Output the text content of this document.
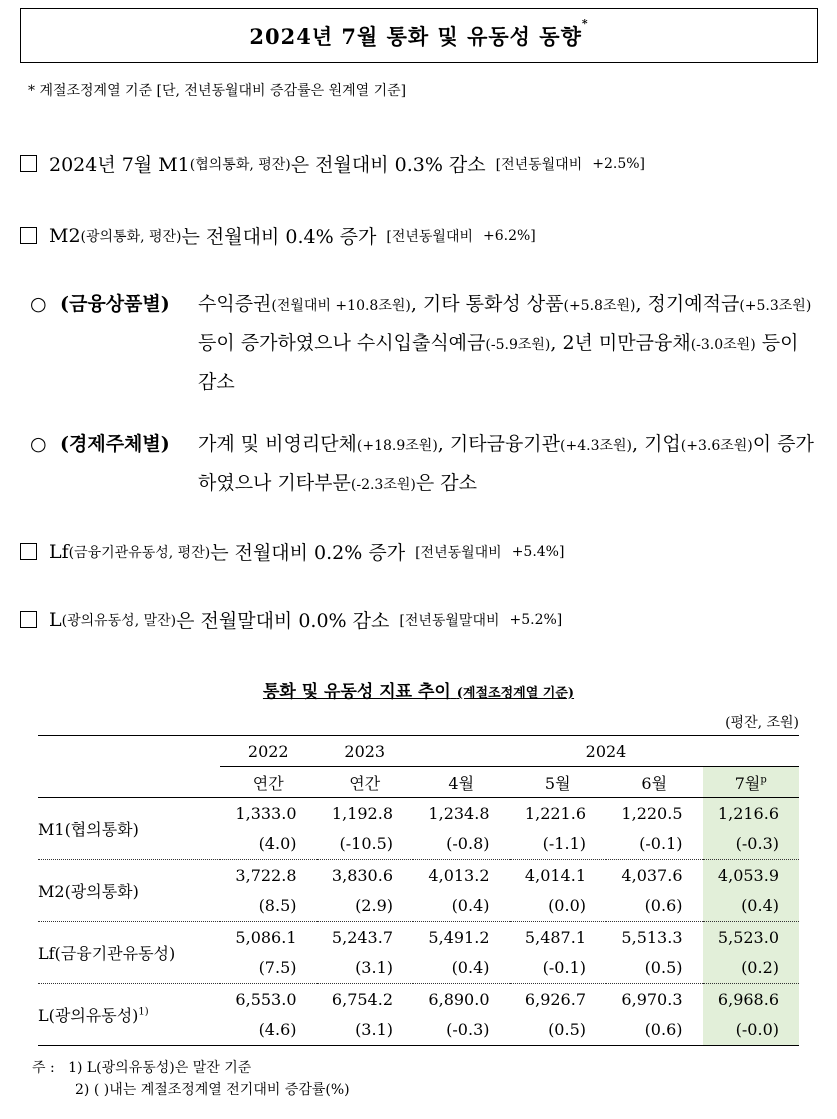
2024년 7월 통화 및 유동성 동향*
* 계절조정계열 기준 [단, 전년동월대비 증감률은 원계열 기준]
2024년 7월 M1 (협의통화, 평잔) 은 전월대비 0.3% 감소 [전년동월대비 +2.5%]
M2 (광의통화, 평잔) 는 전월대비 0.4% 증가 [전년동월대비 +6.2%]
○ (금융상품별) 수익증권(전월대비 +10.8조원), 기타 통화성 상품(+5.8조원), 정기예적금(+5.3조원) 등이 증가하였으나 수시입출식예금(-5.9조원), 2년 미만금융채(-3.0조원) 등이 감소
○ (경제주체별) 가계 및 비영리단체(+18.9조원), 기타금융기관(+4.3조원), 기업(+3.6조원)이 증가하였으나 기타부문(-2.3조원)은 감소
Lf (금융기관유동성, 평잔) 는 전월대비 0.2% 증가 [전년동월대비 +5.4%]
L (광의유동성, 말잔) 은 전월말대비 0.0% 감소 [전년동월말대비 +5.2%]
통화 및 유동성 지표 추이 (계절조정계열 기준)
(평잔, 조원)
	2022	2023	2024			
	연간	연간	4월	5월	6월	7월$^p$
M1(협의통화)	1,333.0	1,192.8	1,234.8	1,221.6	1,220.5	1,216.6
	(4.0)	(-10.5)	(-0.8)	(-1.1)	(-0.1)	(-0.3)
M2(광의통화)	3,722.8	3,830.6	4,013.2	4,014.1	4,037.6	4,053.9
	(8.5)	(2.9)	(0.4)	(0.0)	(0.6)	(0.4)
Lf(금융기관유동성)	5,086.1	5,243.7	5,491.2	5,487.1	5,513.3	5,523.0
	(7.5)	(3.1)	(0.4)	(-0.1)	(0.5)	(0.2)
L(광의유동성)$^{1)}$	6,553.0	6,754.2	6,890.0	6,926.7	6,970.3	6,968.6
	(4.6)	(3.1)	(-0.3)	(0.5)	(0.6)	(-0.0)
주 : 1) L(광의유동성)은 말잔 기준
2) ( )내는 계절조정계열 전기대비 증감률(%)
